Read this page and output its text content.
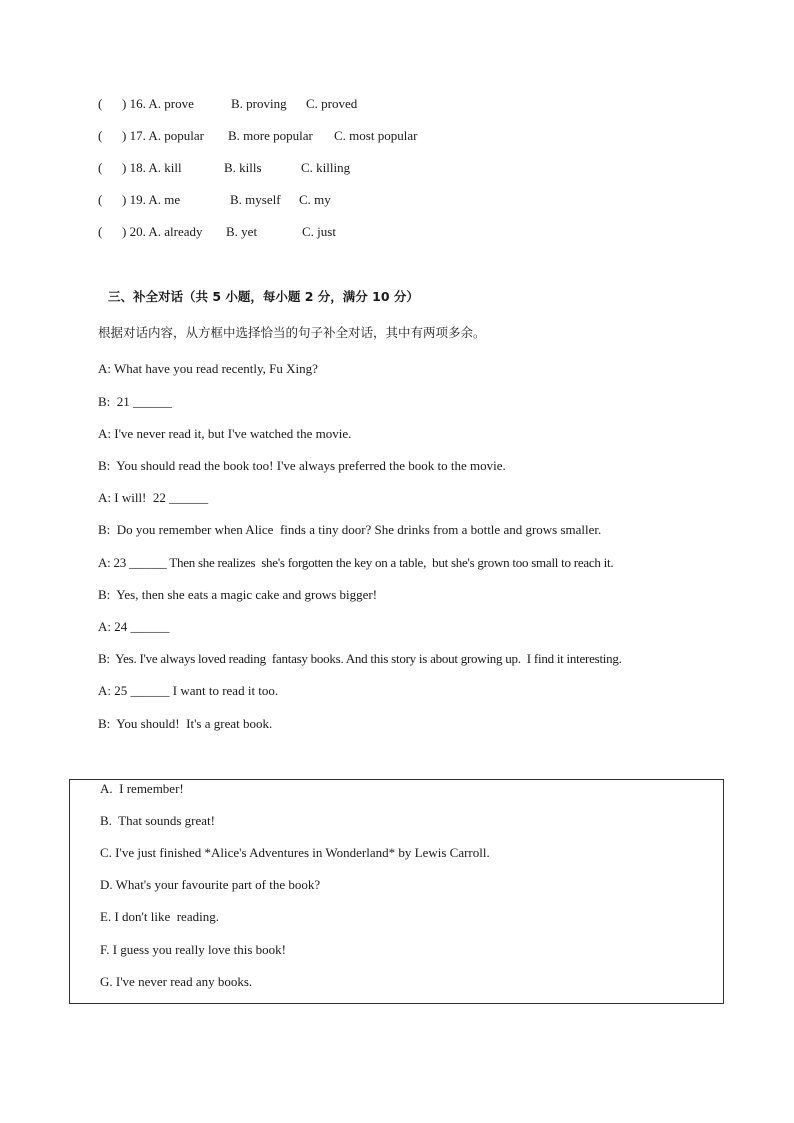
( ) 16. A. prove	B. proving C. proved
( ) 17. A. popular B. more popular C. most popular
( ) 18. A. kill	B. kills	C. killing
( ) 19. A. me	B. myself C. my
( ) 20. A. already B. yet	C. just
三、补全对话（共 5 小题，每小题 2 分，满分 10 分）
根据对话内容，从方框中选择恰当的句子补全对话，其中有两项多余。
A: What have you read recently, Fu Xing?
B:  21 ______
A: I've never read it, but I've watched the movie.
B:  You should read the book too! I've always preferred the book to the movie.
A: I will!  22 ______
B:  Do you remember when Alice  finds a tiny door? She drinks from a bottle and grows smaller.
A: 23 ______ Then she realizes  she's forgotten the key on a table,  but she's grown too small to reach it.
B:  Yes, then she eats a magic cake and grows bigger!
A: 24 ______
B:  Yes. I've always loved reading  fantasy books. And this story is about growing up.  I find it interesting.
A: 25 ______ I want to read it too.
B:  You should!  It's a great book.
A.  I remember!
B.  That sounds great!
C. I've just finished *Alice's Adventures in Wonderland* by Lewis Carroll.
D. What's your favourite part of the book?
E. I don't like  reading.
F. I guess you really love this book!
G. I've never read any books.
